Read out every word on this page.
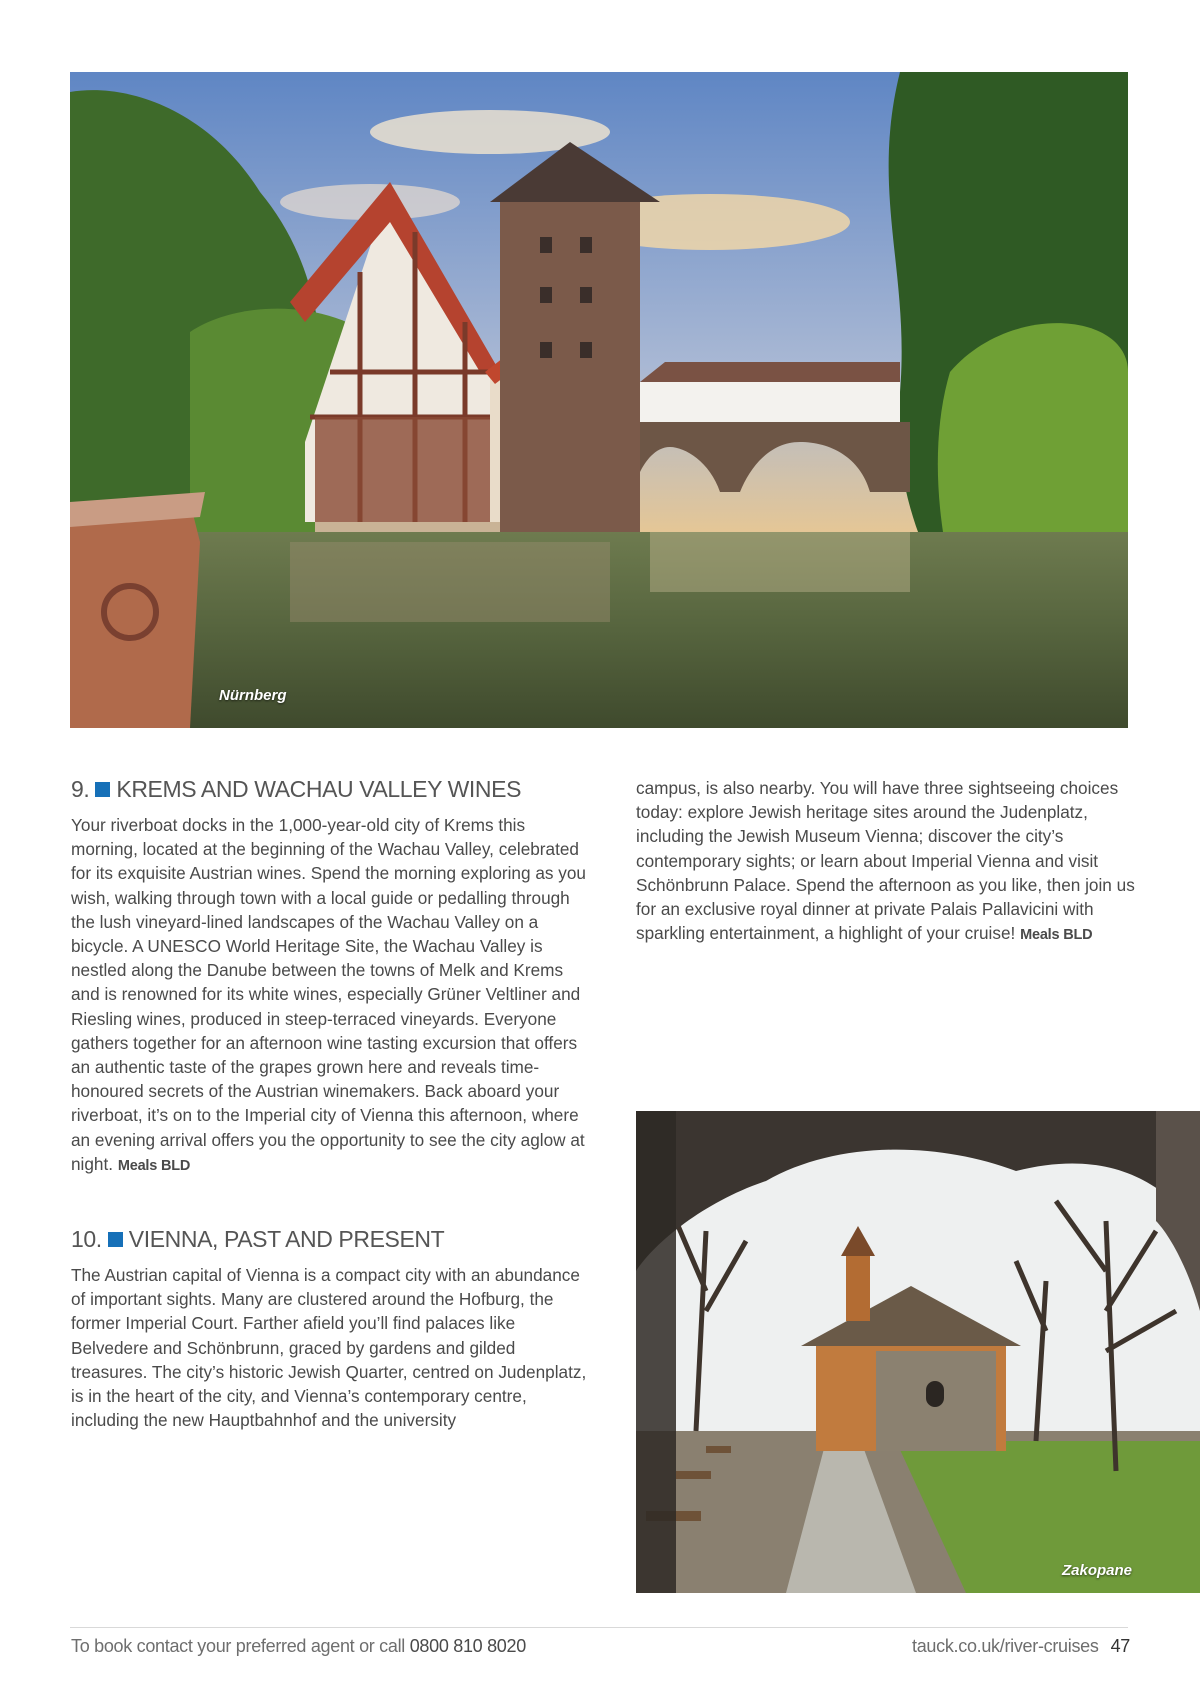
Nürnberg
9. KREMS AND WACHAU VALLEY WINES

Your riverboat docks in the 1,000-year-old city of Krems this morning, located at the beginning of the Wachau Valley, celebrated for its exquisite Austrian wines. Spend the morning exploring as you wish, walking through town with a local guide or pedalling through the lush vineyard-lined landscapes of the Wachau Valley on a bicycle. A UNESCO World Heritage Site, the Wachau Valley is nestled along the Danube between the towns of Melk and Krems and is renowned for its white wines, especially Grüner Veltliner and Riesling wines, produced in steep-terraced vineyards. Everyone gathers together for an afternoon wine tasting excursion that offers an authentic taste of the grapes grown here and reveals time-honoured secrets of the Austrian winemakers. Back aboard your riverboat, it’s on to the Imperial city of Vienna this afternoon, where an evening arrival offers you the opportunity to see the city aglow at night. Meals BLD

10. VIENNA, PAST AND PRESENT

The Austrian capital of Vienna is a compact city with an abundance of important sights. Many are clustered around the Hofburg, the former Imperial Court. Farther afield you’ll find palaces like Belvedere and Schönbrunn, graced by gardens and gilded treasures. The city’s historic Jewish Quarter, centred on Judenplatz, is in the heart of the city, and Vienna’s contemporary centre, including the new Hauptbahnhof and the university

campus, is also nearby. You will have three sightseeing choices today: explore Jewish heritage sites around the Judenplatz, including the Jewish Museum Vienna; discover the city’s contemporary sights; or learn about Imperial Vienna and visit Schönbrunn Palace. Spend the afternoon as you like, then join us for an exclusive royal dinner at private Palais Pallavicini with sparkling entertainment, a highlight of your cruise! Meals BLD

Zakopane
To book contact your preferred agent or call 0800 810 8020	tauck.co.uk/river-cruises 47
